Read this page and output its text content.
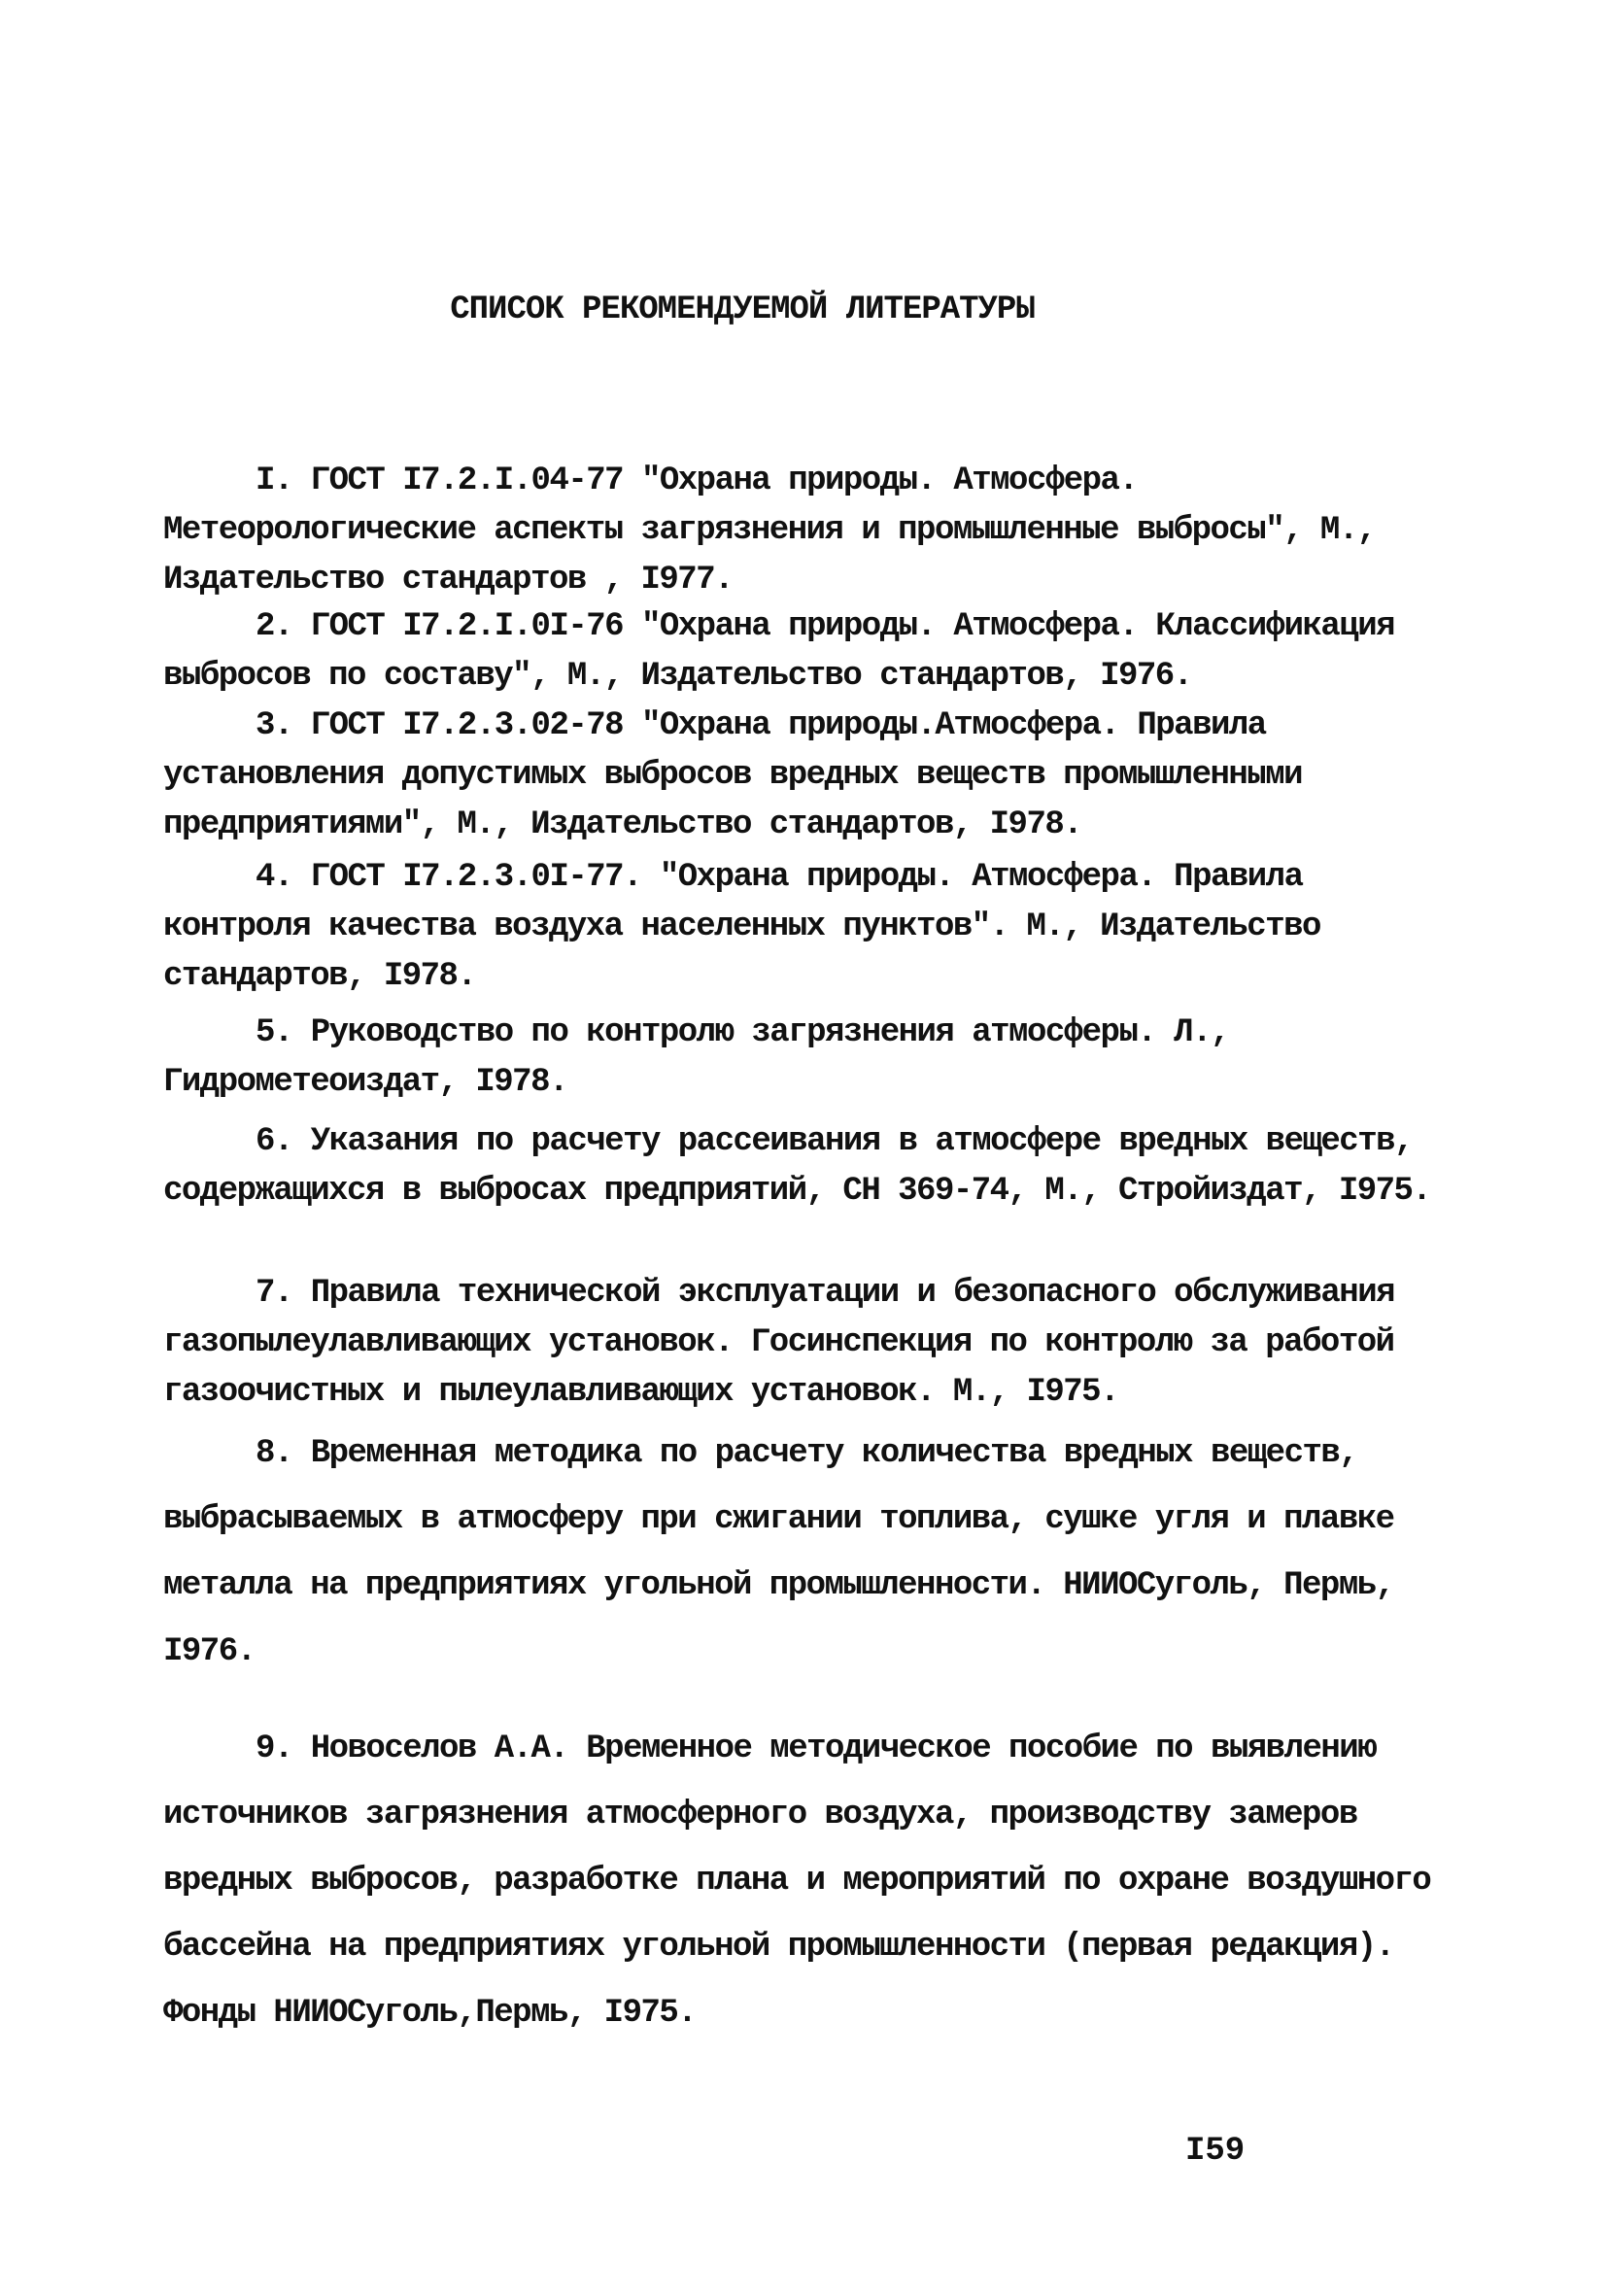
СПИСОК РЕКОМЕНДУЕМОЙ ЛИТЕРАТУРЫ

I. ГОСТ I7.2.I.04-77 "Охрана природы. Атмосфера. Метеорологические аспекты загрязнения и промышленные выбросы", М., Издательство стандартов , I977.

2. ГОСТ I7.2.I.0I-76 "Охрана природы. Атмосфера. Классификация выбросов по составу", М., Издательство стандартов, I976.

3. ГОСТ I7.2.3.02-78 "Охрана природы.Атмосфера. Правила установления допустимых выбросов вредных веществ промышленными предприятиями", М., Издательство стандартов, I978.

4. ГОСТ I7.2.3.0I-77. "Охрана природы. Атмосфера. Правила контроля качества воздуха населенных пунктов". М., Издательство стандартов, I978.

5. Руководство по контролю загрязнения атмосферы. Л., Гидрометеоиздат, I978.

6. Указания по расчету рассеивания в атмосфере вредных веществ, содержащихся в выбросах предприятий, СН 369-74, М., Стройиздат, I975.

7. Правила технической эксплуатации и безопасного обслуживания газопылеулавливающих установок. Госинспекция по контролю за работой газоочистных и пылеулавливающих установок. М., I975.

8. Временная методика по расчету количества вредных веществ, выбрасываемых в атмосферу при сжигании топлива, сушке угля и плавке металла на предприятиях угольной промышленности. НИИОСуголь, Пермь, I976.

9. Новоселов А.А. Временное методическое пособие по выявлению источников загрязнения атмосферного воздуха, производству замеров вредных выбросов, разработке плана и мероприятий по охране воздушного бассейна на предприятиях угольной промышленности (первая редакция). Фонды НИИОСуголь,Пермь, I975.

I59
